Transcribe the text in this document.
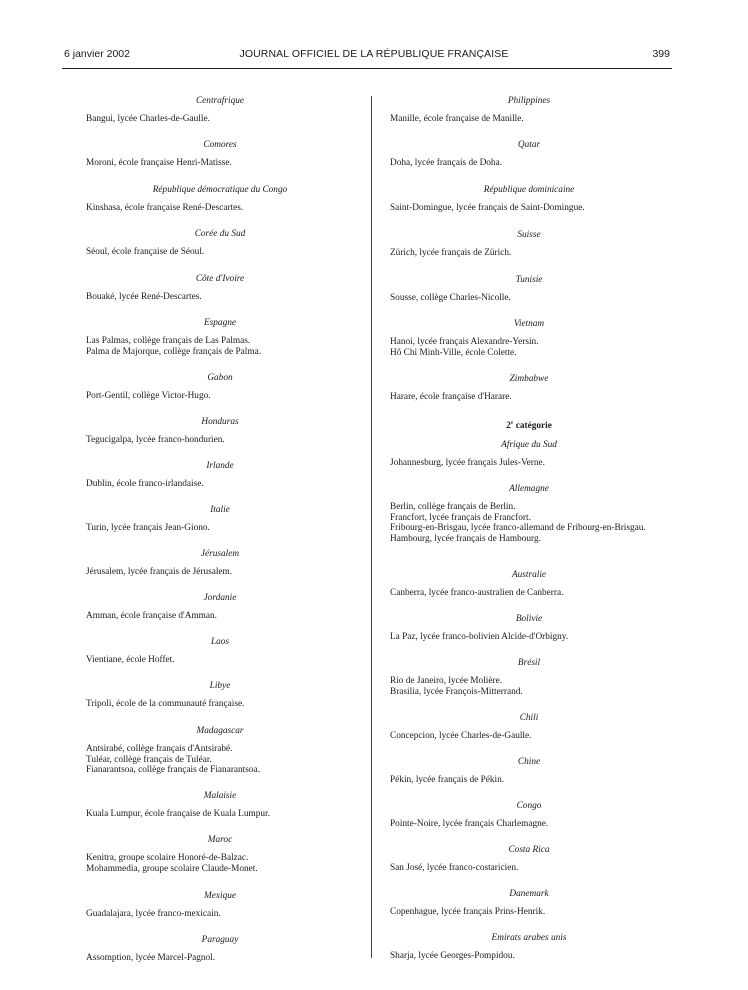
6 janvier 2002	JOURNAL OFFICIEL DE LA RÉPUBLIQUE FRANÇAISE	399
Centrafrique
Bangui, lycée Charles-de-Gaulle.
Comores
Moroni, école française Henri-Matisse.
République démocratique du Congo
Kinshasa, école française René-Descartes.
Corée du Sud
Séoul, école française de Séoul.
Côte d'Ivoire
Bouaké, lycée René-Descartes.
Espagne
Las Palmas, collège français de Las Palmas.
Palma de Majorque, collège français de Palma.
Gabon
Port-Gentil, collège Victor-Hugo.
Honduras
Tegucigalpa, lycée franco-hondurien.
Irlande
Dublin, école franco-irlandaise.
Italie
Turin, lycée français Jean-Giono.
Jérusalem
Jérusalem, lycée français de Jérusalem.
Jordanie
Amman, école française d'Amman.
Laos
Vientiane, école Hoffet.
Libye
Tripoli, école de la communauté française.
Madagascar
Antsirabé, collège français d'Antsirabé.
Tuléar, collège français de Tuléar.
Fianarantsoa, collège français de Fianarantsoa.
Malaisie
Kuala Lumpur, école française de Kuala Lumpur.
Maroc
Kenitra, groupe scolaire Honoré-de-Balzac.
Mohammedia, groupe scolaire Claude-Monet.
Mexique
Guadalajara, lycée franco-mexicain.
Paraguay
Assomption, lycée Marcel-Pagnol.
Philippines
Manille, école française de Manille.
Qatar
Doha, lycée français de Doha.
République dominicaine
Saint-Domingue, lycée français de Saint-Domingue.
Suisse
Zürich, lycée français de Zürich.
Tunisie
Sousse, collège Charles-Nicolle.
Vietnam
Hanoi, lycée français Alexandre-Yersin.
Hô Chi Minh-Ville, école Colette.
Zimbabwe
Harare, école française d'Harare.
2e catégorie
Afrique du Sud
Johannesburg, lycée français Jules-Verne.
Allemagne
Berlin, collège français de Berlin.
Francfort, lycée français de Francfort.
Fribourg-en-Brisgau, lycée franco-allemand de Fribourg-en-Brisgau.
Hambourg, lycée français de Hambourg.
Australie
Canberra, lycée franco-australien de Canberra.
Bolivie
La Paz, lycée franco-bolivien Alcide-d'Orbigny.
Brésil
Rio de Janeiro, lycée Molière.
Brasilia, lycée François-Mitterrand.
Chili
Concepcion, lycée Charles-de-Gaulle.
Chine
Pékin, lycée français de Pékin.
Congo
Pointe-Noire, lycée français Charlemagne.
Costa Rica
San José, lycée franco-costaricien.
Danemark
Copenhague, lycée français Prins-Henrik.
Emirats arabes unis
Sharja, lycée Georges-Pompidou.
